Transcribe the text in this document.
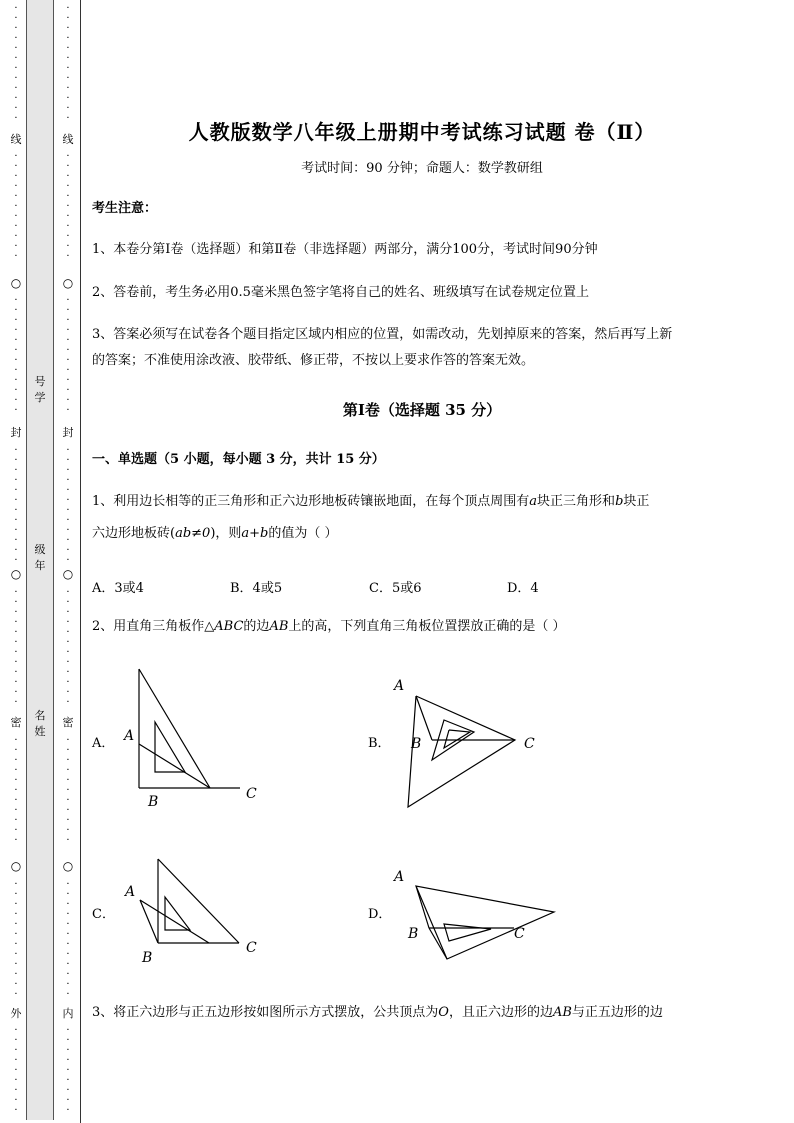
·
·
·
·
·
·
·
·
·
·
·
·
线
·
·
·
·
·
·
·
·
·
·
·
○
·
·
·
·
·
·
·
·
·
·
·
·
封
·
·
·
·
·
·
·
·
·
·
·
·
○
·
·
·
·
·
·
·
·
·
·
·
·
密
·
·
·
·
·
·
·
·
·
·
·
○
·
·
·
·
·
·
·
·
·
·
·
·
外
·
·
·
·
·
·
·
·
·
号学
级年
名姓
·
·
·
·
·
·
·
·
·
·
·
·
线
·
·
·
·
·
·
·
·
·
·
·
○
·
·
·
·
·
·
·
·
·
·
·
·
封
·
·
·
·
·
·
·
·
·
·
·
·
○
·
·
·
·
·
·
·
·
·
·
·
·
密
·
·
·
·
·
·
·
·
·
·
·
○
·
·
·
·
·
·
·
·
·
·
·
·
内
·
·
·
·
·
·
·
·
·
人教版数学八年级上册期中考试练习试题 卷（Ⅱ）
考试时间：90 分钟；命题人：数学教研组
考生注意：
1、本卷分第Ⅰ卷（选择题）和第Ⅱ卷（非选择题）两部分，满分100分，考试时间90分钟
2、答卷前，考生务必用0.5毫米黑色签字笔将自己的姓名、班级填写在试卷规定位置上
3、答案必须写在试卷各个题目指定区域内相应的位置，如需改动，先划掉原来的答案，然后再写上新
的答案；不准使用涂改液、胶带纸、修正带，不按以上要求作答的答案无效。
第Ⅰ卷（选择题 35 分）
一、单选题（5 小题，每小题 3 分，共计 15 分）
1、利用边长相等的正三角形和正六边形地板砖镶嵌地面，在每个顶点周围有a块正三角形和b块正
六边形地板砖(ab≠0)，则a+b的值为（ ）
A．3或4	B．4或5	C．5或6	D．4
2、用直角三角板作△ABC的边AB上的高，下列直角三角板位置摆放正确的是（ ）
A． A
B	C
B．
A
B	C
C．
A
B
C
D．
A
B	C
3、将正六边形与正五边形按如图所示方式摆放，公共顶点为O，且正六边形的边AB与正五边形的边
